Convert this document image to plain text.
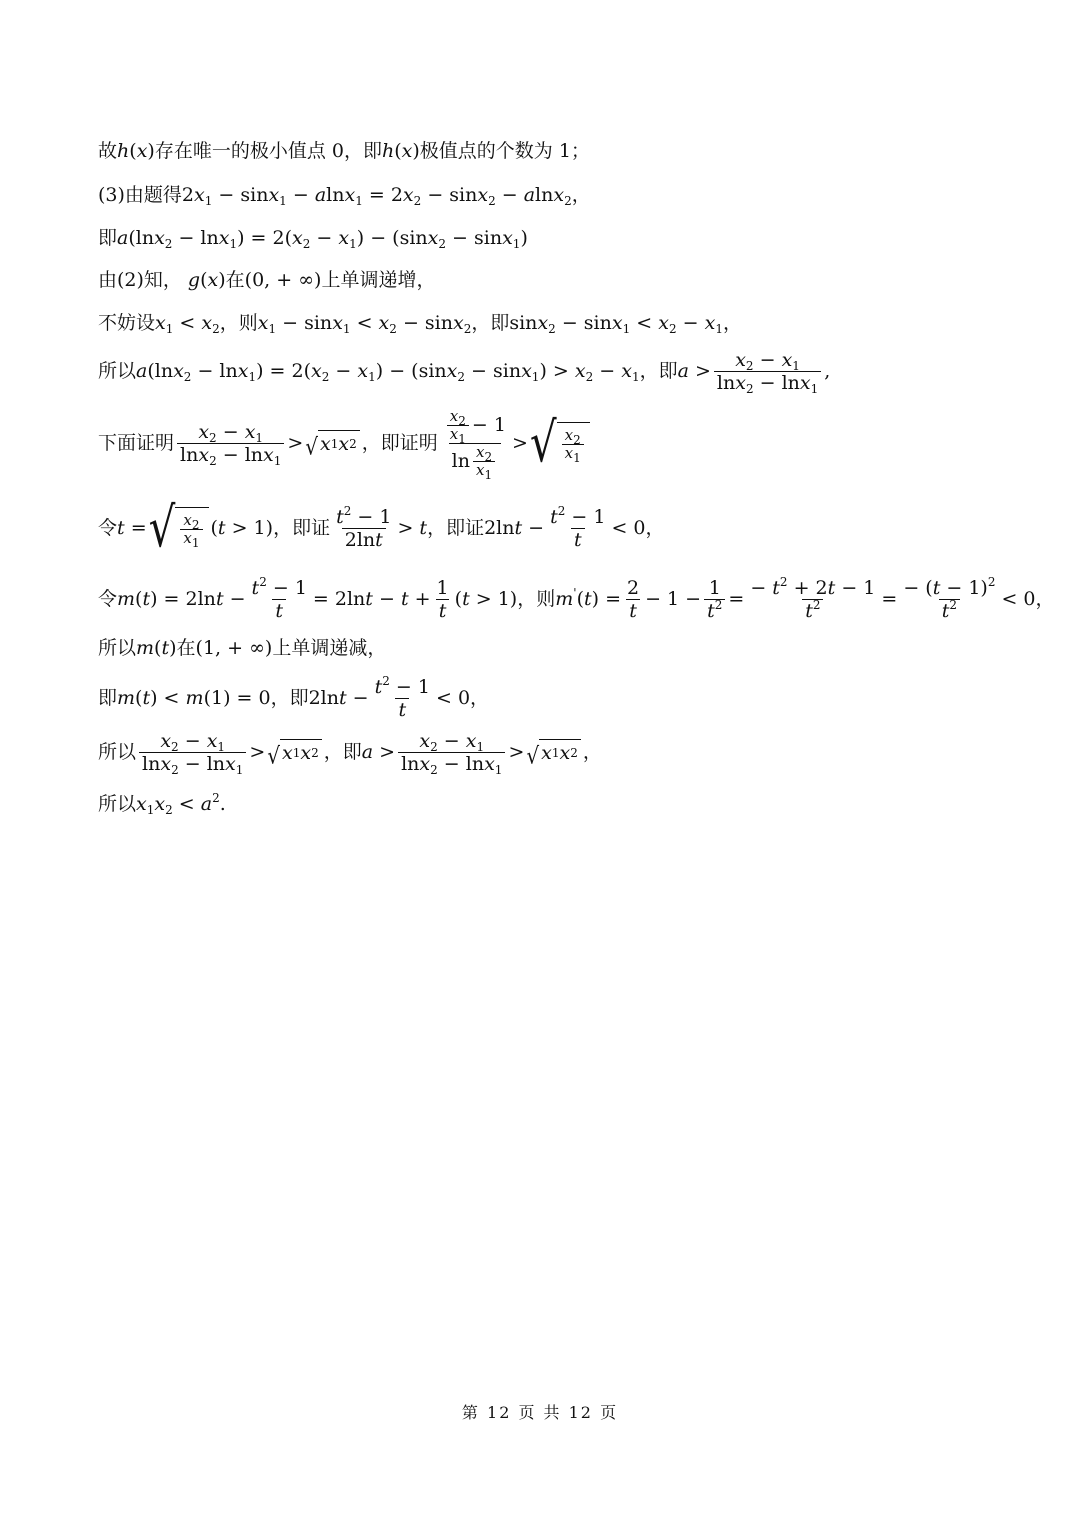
故 h ( x ) 存在唯一的极小值点 0，即 h ( x ) 极值点的个数为 1；
(3)由题得 $2x_1 - \sin x_1 - alnx_1 = 2x_2 - \sin x_2 - alnx_2$，
即 $a(\ln x_2 - \ln x_1) = 2(x_2 - x_1) - (\sin x_2 - \sin x_1)$
由(2)知， g ( x ) 在 (0, + ∞) 上单调递增，
不妨设 $x_1 < x_2$ ，则 $x_1 - \sin x_1 < x_2 - \sin x_2$ ，即 $\sin x_2 - \sin x_1 < x_2 - x_1$，
所以 $a(\ln x_2 - \ln x_1) = 2(x_2 - x_1) - (\sin x_2 - \sin x_1) > x_2 - x_1$ ，即 $a > \frac{x_2 - x_1}{\ln x_2 - \ln x_1}$ ,
下面证明 $\frac{x_2 - x_1}{\ln x_2 - \ln x_1}$ > √ x 1 x 2 ，即证明 $\frac{\frac{x_2}{x_1} - 1}{\ln \frac{x_2}{x_1}}$ > √ $\frac{x_2}{x_1}$
令 t = √ $\frac{x_2}{x_1} (t > 1)$ ，即证 $\frac{t^2 - 1}{2\ln t} > t$ ，即证 $2\ln t - \frac{t^2 - 1}{t} < 0$，
令 $m(t) = 2\ln t - \frac{t^2 - 1}{t} = 2\ln t - t + \frac{1}{t} (t > 1)$ ，则 $m'(t) = \frac{2}{t} - 1 - \frac{1}{t^2} = \frac{- t^2 + 2t - 1}{t^2} = \frac{- (t - 1)^2}{t^2} < 0$，
所以 m ( t ) 在 (1, + ∞) 上单调递减，
即 m(t) < m(1) = 0 ，即 $2\ln t - \frac{t^2 - 1}{t} < 0$，
所以 $\frac{x_2 - x_1}{\ln x_2 - \ln x_1}$ > √ x 1 x 2 ，即 $a > \frac{x_2 - x_1}{\ln x_2 - \ln x_1}$ > √ x 1 x 2 ，
所以 $x_1x_2 < a^2$.
第 12 页 共 12 页
